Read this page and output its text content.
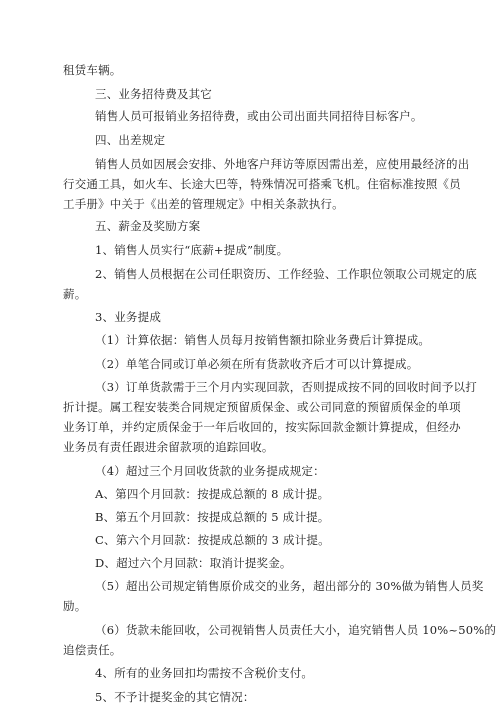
租赁车辆。
三、业务招待费及其它
销售人员可报销业务招待费，或由公司出面共同招待目标客户。
四、出差规定
销售人员如因展会安排、外地客户拜访等原因需出差，应使用最经济的出
行交通工具，如火车、长途大巴等，特殊情况可搭乘飞机。住宿标准按照《员
工手册》中关于《出差的管理规定》中相关条款执行。
五、薪金及奖励方案
1、销售人员实行“底薪+提成”制度。
2、销售人员根据在公司任职资历、工作经验、工作职位领取公司规定的底
薪。
3、业务提成
（1）计算依据：销售人员每月按销售额扣除业务费后计算提成。
（2）单笔合同或订单必须在所有货款收齐后才可以计算提成。
（3）订单货款需于三个月内实现回款，否则提成按不同的回收时间予以打
折计提。属工程安装类合同规定预留质保金、或公司同意的预留质保金的单项
业务订单，并约定质保金于一年后收回的，按实际回款金额计算提成，但经办
业务员有责任跟进余留款项的追踪回收。
（4）超过三个月回收货款的业务提成规定：
A、第四个月回款：按提成总额的 8 成计提。
B、第五个月回款：按提成总额的 5 成计提。
C、第六个月回款：按提成总额的 3 成计提。
D、超过六个月回款：取消计提奖金。
（5）超出公司规定销售原价成交的业务，超出部分的 30%做为销售人员奖
励。
（6）货款未能回收，公司视销售人员责任大小，追究销售人员 10%~50%的
追偿责任。
4、所有的业务回扣均需按不含税价支付。
5、不予计提奖金的其它情况：
